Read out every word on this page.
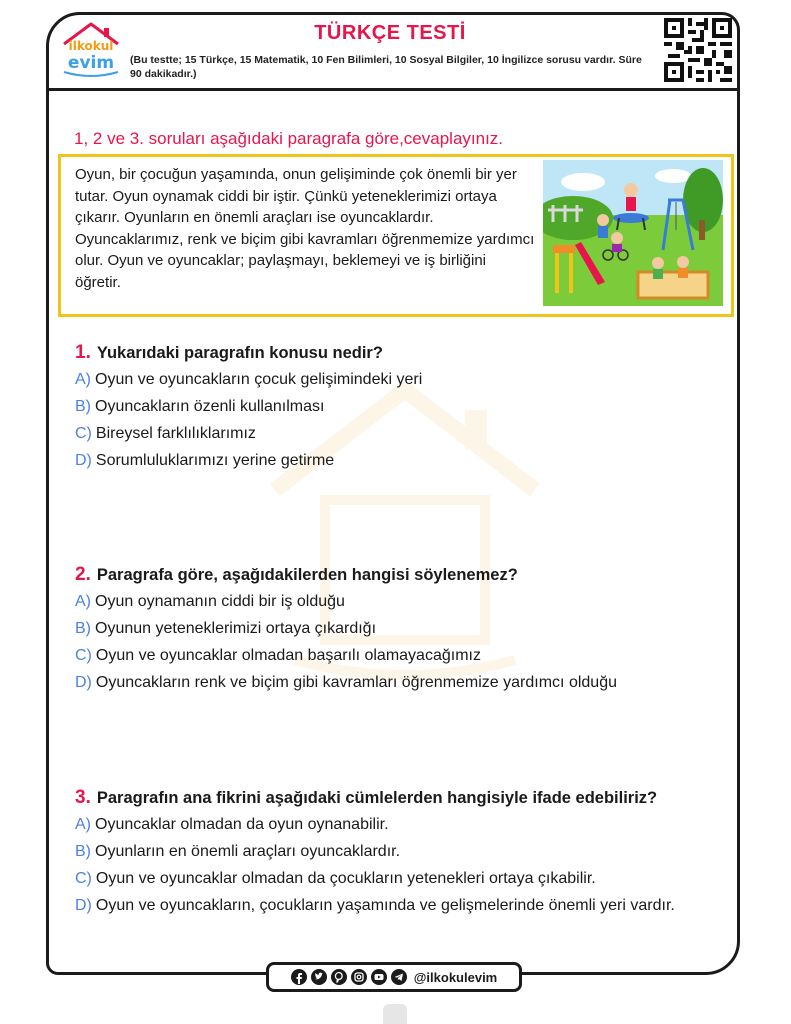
ilkokul
evim
TÜRKÇE TESTİ
(Bu testte; 15 Türkçe, 15 Matematik, 10 Fen Bilimleri, 10 Sosyal Bilgiler, 10 İngilizce sorusu vardır. Süre 90 dakikadır.)
1, 2 ve 3. soruları aşağıdaki paragrafa göre,cevaplayınız.
Oyun, bir çocuğun yaşamında, onun gelişiminde çok önemli bir yer tutar. Oyun oynamak ciddi bir iştir. Çünkü yeteneklerimizi ortaya çıkarır. Oyunların en önemli araçları ise oyuncaklardır. Oyuncaklarımız, renk ve biçim gibi kavramları öğrenmemize yardımcı olur. Oyun ve oyuncaklar; paylaşmayı, beklemeyi ve iş birliğini öğretir.
1. Yukarıdaki paragrafın konusu nedir?
A) Oyun ve oyuncakların çocuk gelişimindeki yeri
B) Oyuncakların özenli kullanılması
C) Bireysel farklılıklarımız
D) Sorumluluklarımızı yerine getirme
2. Paragrafa göre, aşağıdakilerden hangisi söylenemez?
A) Oyun oynamanın ciddi bir iş olduğu
B) Oyunun yeteneklerimizi ortaya çıkardığı
C) Oyun ve oyuncaklar olmadan başarılı olamayacağımız
D) Oyuncakların renk ve biçim gibi kavramları öğrenmemize yardımcı olduğu
3. Paragrafın ana fikrini aşağıdaki cümlelerden hangisiyle ifade edebiliriz?
A) Oyuncaklar olmadan da oyun oynanabilir.
B) Oyunların en önemli araçları oyuncaklardır.
C) Oyun ve oyuncaklar olmadan da çocukların yetenekleri ortaya çıkabilir.
D) Oyun ve oyuncakların, çocukların yaşamında ve gelişmelerinde önemli yeri vardır.
@ilkokulevim
